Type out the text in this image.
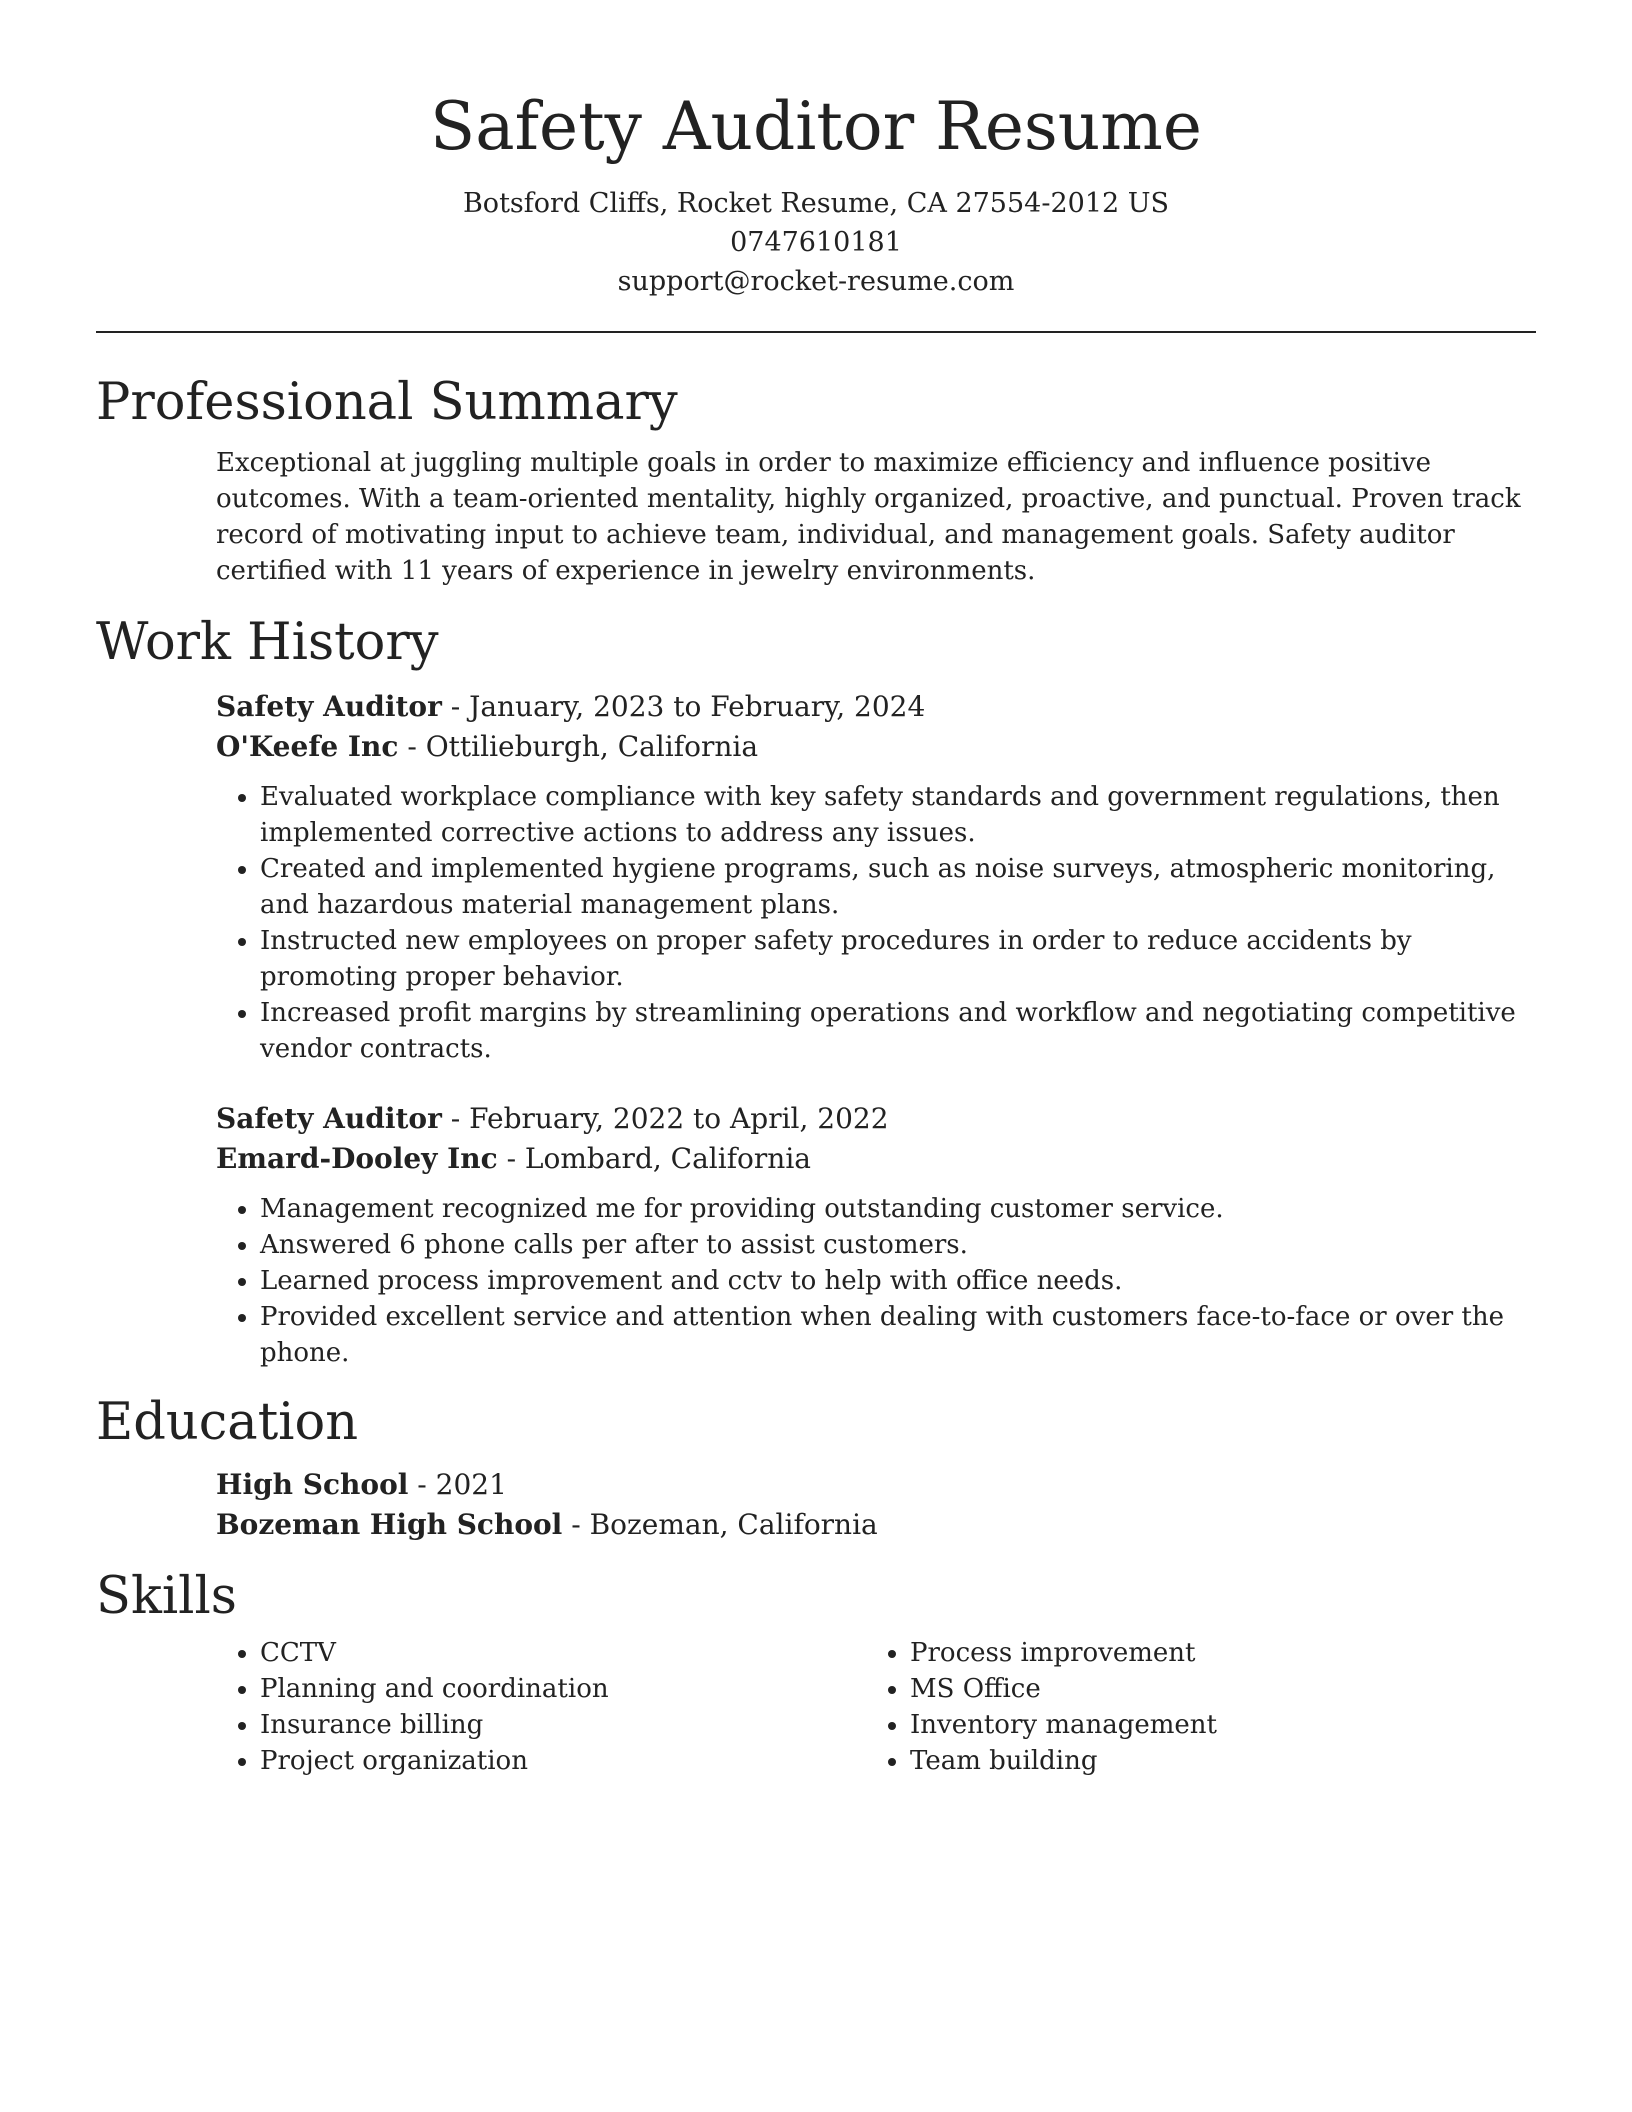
Safety Auditor Resume
Botsford Cliffs, Rocket Resume, CA 27554-2012 US
0747610181
support@rocket-resume.com
Professional Summary

Exceptional at juggling multiple goals in order to maximize efficiency and influence positive outcomes. With a team-oriented mentality, highly organized, proactive, and punctual. Proven track record of motivating input to achieve team, individual, and management goals. Safety auditor certified with 11 years of experience in jewelry environments.

Work History

Safety Auditor - January, 2023 to February, 2024

O'Keefe Inc - Ottilieburgh, California

• Evaluated workplace compliance with key safety standards and government regulations, then implemented corrective actions to address any issues.
• Created and implemented hygiene programs, such as noise surveys, atmospheric monitoring, and hazardous material management plans.
• Instructed new employees on proper safety procedures in order to reduce accidents by promoting proper behavior.
• Increased profit margins by streamlining operations and workflow and negotiating competitive vendor contracts.

Safety Auditor - February, 2022 to April, 2022

Emard-Dooley Inc - Lombard, California

• Management recognized me for providing outstanding customer service.
• Answered 6 phone calls per after to assist customers.
• Learned process improvement and cctv to help with office needs.
• Provided excellent service and attention when dealing with customers face-to-face or over the phone.
Education

High School - 2021

Bozeman High School - Bozeman, California

Skills
• CCTV
• Planning and coordination
• Insurance billing
• Project organization
• Process improvement
• MS Office
• Inventory management
• Team building
